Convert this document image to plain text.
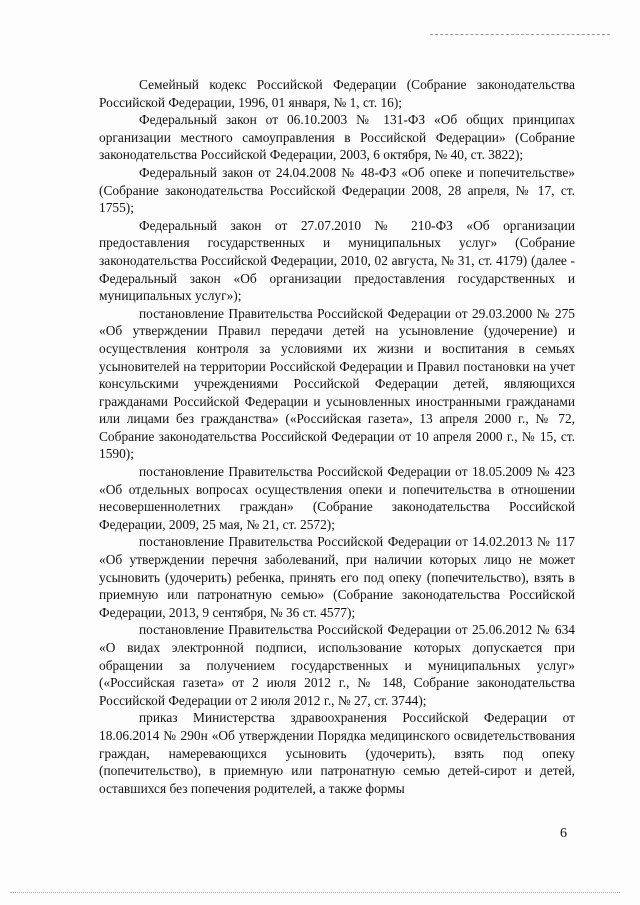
Семейный кодекс Российской Федерации (Собрание законодательства Российской Федерации, 1996, 01 января, № 1, ст. 16);

Федеральный закон от 06.10.2003 № 131-ФЗ «Об общих принципах организации местного самоуправления в Российской Федерации» (Собрание законодательства Российской Федерации, 2003, 6 октября, № 40, ст. 3822);

Федеральный закон от 24.04.2008 № 48-ФЗ «Об опеке и попечительстве» (Собрание законодательства Российской Федерации 2008, 28 апреля, № 17, ст. 1755);

Федеральный закон от 27.07.2010 № 210-ФЗ «Об организации предоставления государственных и муниципальных услуг» (Собрание законодательства Российской Федерации, 2010, 02 августа, № 31, ст. 4179) (далее - Федеральный закон «Об организации предоставления государственных и муниципальных услуг»);

постановление Правительства Российской Федерации от 29.03.2000 № 275 «Об утверждении Правил передачи детей на усыновление (удочерение) и осуществления контроля за условиями их жизни и воспитания в семьях усыновителей на территории Российской Федерации и Правил постановки на учет консульскими учреждениями Российской Федерации детей, являющихся гражданами Российской Федерации и усыновленных иностранными гражданами или лицами без гражданства» («Российская газета», 13 апреля 2000 г., № 72, Собрание законодательства Российской Федерации от 10 апреля 2000 г., № 15, ст. 1590);

постановление Правительства Российской Федерации от 18.05.2009 № 423 «Об отдельных вопросах осуществления опеки и попечительства в отношении несовершеннолетних граждан» (Собрание законодательства Российской Федерации, 2009, 25 мая, № 21, ст. 2572);

постановление Правительства Российской Федерации от 14.02.2013 № 117 «Об утверждении перечня заболеваний, при наличии которых лицо не может усыновить (удочерить) ребенка, принять его под опеку (попечительство), взять в приемную или патронатную семью» (Собрание законодательства Российской Федерации, 2013, 9 сентября, № 36 ст. 4577);

постановление Правительства Российской Федерации от 25.06.2012 № 634 «О видах электронной подписи, использование которых допускается при обращении за получением государственных и муниципальных услуг» («Российская газета» от 2 июля 2012 г., № 148, Собрание законодательства Российской Федерации от 2 июля 2012 г., № 27, ст. 3744);

приказ Министерства здравоохранения Российской Федерации от 18.06.2014 № 290н «Об утверждении Порядка медицинского освидетельствования граждан, намеревающихся усыновить (удочерить), взять под опеку (попечительство), в приемную или патронатную семью детей-сирот и детей, оставшихся без попечения родителей, а также формы

6
